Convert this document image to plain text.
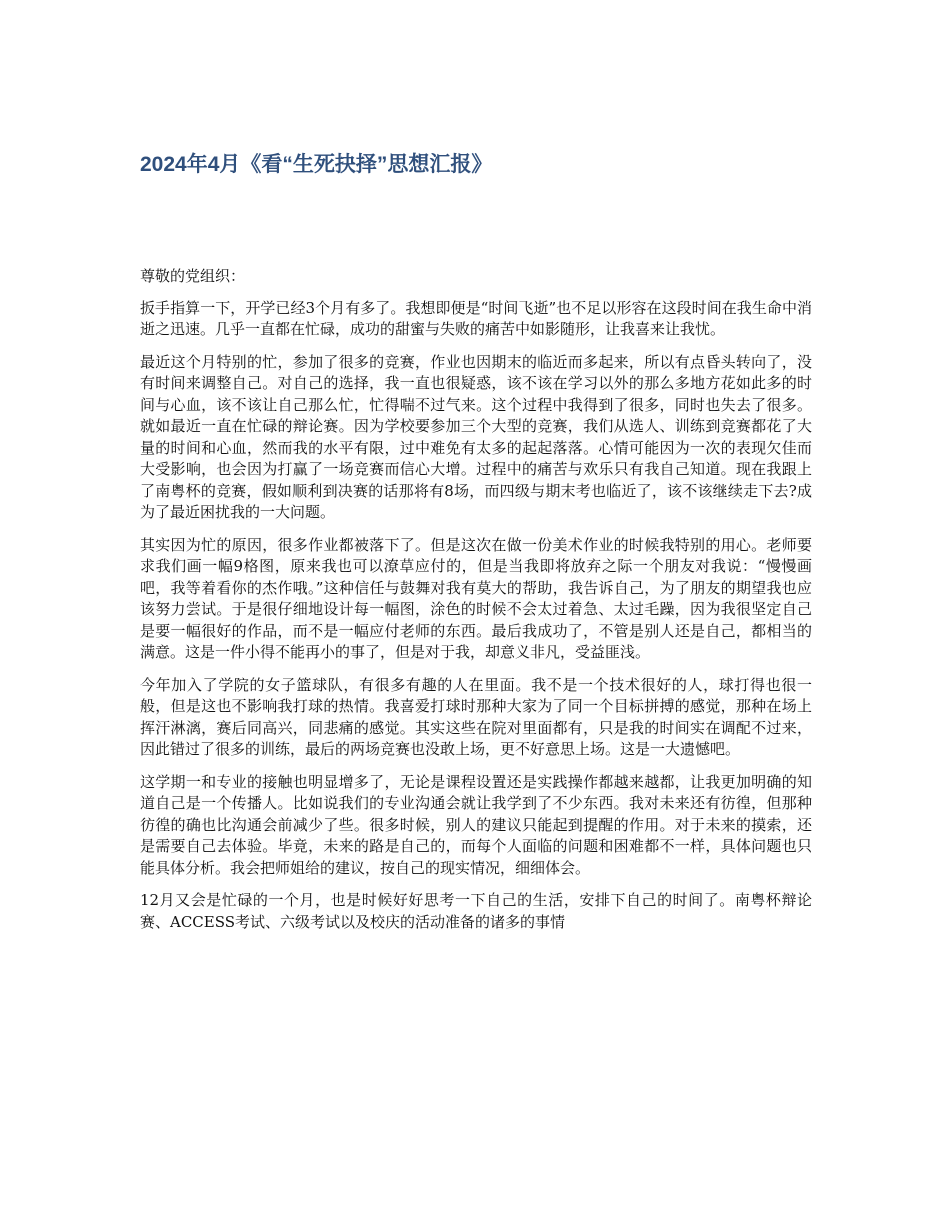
2024年4月《看“生死抉择”思想汇报》

尊敬的党组织：

扳手指算一下，开学已经3个月有多了。我想即便是“时间飞逝”也不足以形容在这段时间在我生命中消逝之迅速。几乎一直都在忙碌，成功的甜蜜与失败的痛苦中如影随形，让我喜来让我忧。

最近这个月特别的忙，参加了很多的竞赛，作业也因期末的临近而多起来，所以有点昏头转向了，没有时间来调整自己。对自己的选择，我一直也很疑惑，该不该在学习以外的那么多地方花如此多的时间与心血，该不该让自己那么忙，忙得喘不过气来。这个过程中我得到了很多，同时也失去了很多。就如最近一直在忙碌的辩论赛。因为学校要参加三个大型的竞赛，我们从选人、训练到竞赛都花了大量的时间和心血，然而我的水平有限，过中难免有太多的起起落落。心情可能因为一次的表现欠佳而大受影响，也会因为打赢了一场竞赛而信心大增。过程中的痛苦与欢乐只有我自己知道。现在我跟上了南粤杯的竞赛，假如顺利到决赛的话那将有8场，而四级与期末考也临近了，该不该继续走下去?成为了最近困扰我的一大问题。

其实因为忙的原因，很多作业都被落下了。但是这次在做一份美术作业的时候我特别的用心。老师要求我们画一幅9格图，原来我也可以潦草应付的，但是当我即将放弃之际一个朋友对我说：“慢慢画吧，我等着看你的杰作哦。”这种信任与鼓舞对我有莫大的帮助，我告诉自己，为了朋友的期望我也应该努力尝试。于是很仔细地设计每一幅图，涂色的时候不会太过着急、太过毛躁，因为我很坚定自己是要一幅很好的作品，而不是一幅应付老师的东西。最后我成功了，不管是别人还是自己，都相当的满意。这是一件小得不能再小的事了，但是对于我，却意义非凡，受益匪浅。

今年加入了学院的女子篮球队，有很多有趣的人在里面。我不是一个技术很好的人，球打得也很一般，但是这也不影响我打球的热情。我喜爱打球时那种大家为了同一个目标拼搏的感觉，那种在场上挥汗淋漓，赛后同高兴，同悲痛的感觉。其实这些在院对里面都有，只是我的时间实在调配不过来，因此错过了很多的训练，最后的两场竞赛也没敢上场，更不好意思上场。这是一大遗憾吧。

这学期一和专业的接触也明显增多了，无论是课程设置还是实践操作都越来越都，让我更加明确的知道自己是一个传播人。比如说我们的专业沟通会就让我学到了不少东西。我对未来还有彷徨，但那种彷徨的确也比沟通会前减少了些。很多时候，别人的建议只能起到提醒的作用。对于未来的摸索，还是需要自己去体验。毕竟，未来的路是自己的，而每个人面临的问题和困难都不一样，具体问题也只能具体分析。我会把师姐给的建议，按自己的现实情况，细细体会。

12月又会是忙碌的一个月，也是时候好好思考一下自己的生活，安排下自己的时间了。南粤杯辩论赛、ACCESS考试、六级考试以及校庆的活动准备的诸多的事情
